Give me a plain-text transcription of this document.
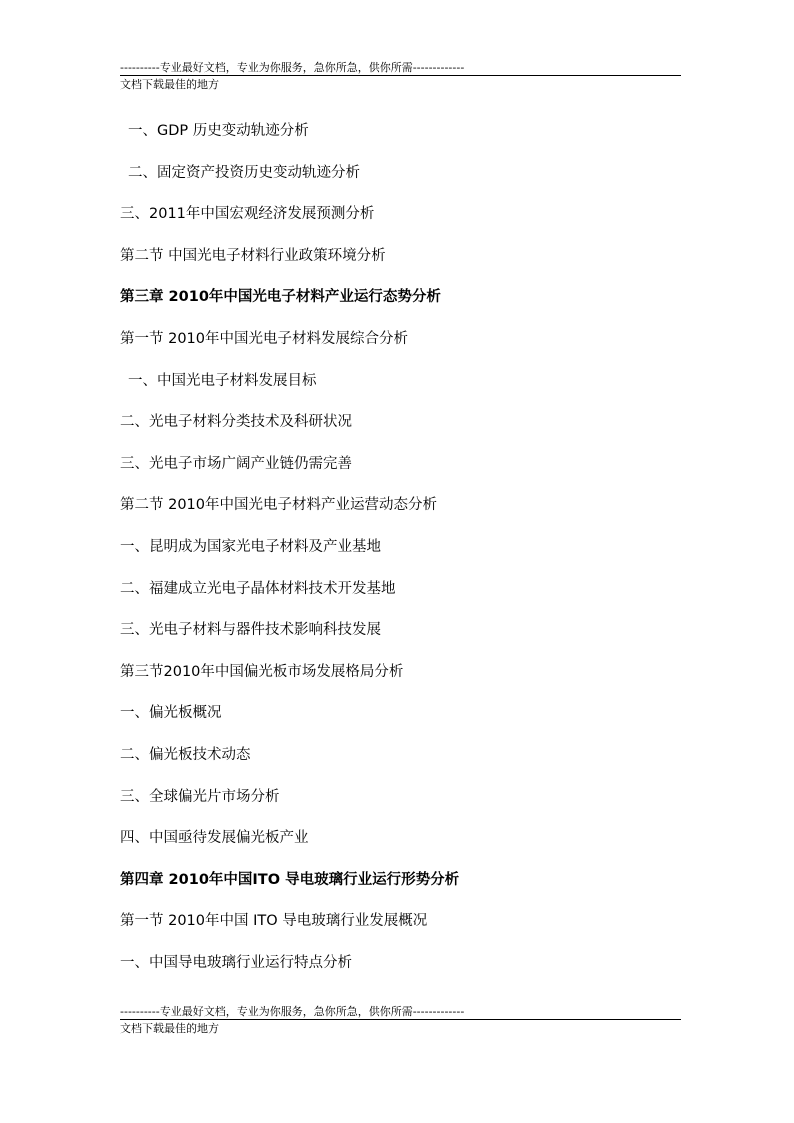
----------专业最好文档，专业为你服务，急你所急，供你所需-------------
文档下载最佳的地方
一、GDP 历史变动轨迹分析
二、固定资产投资历史变动轨迹分析
三、2011年中国宏观经济发展预测分析
第二节 中国光电子材料行业政策环境分析
第三章 2010年中国光电子材料产业运行态势分析
第一节 2010年中国光电子材料发展综合分析
一、中国光电子材料发展目标
二、光电子材料分类技术及科研状况
三、光电子市场广阔产业链仍需完善
第二节 2010年中国光电子材料产业运营动态分析
一、昆明成为国家光电子材料及产业基地
二、福建成立光电子晶体材料技术开发基地
三、光电子材料与器件技术影响科技发展
第三节2010年中国偏光板市场发展格局分析
一、偏光板概况
二、偏光板技术动态
三、全球偏光片市场分析
四、中国亟待发展偏光板产业
第四章 2010年中国ITO 导电玻璃行业运行形势分析
第一节 2010年中国 ITO 导电玻璃行业发展概况
一、中国导电玻璃行业运行特点分析
----------专业最好文档，专业为你服务，急你所急，供你所需-------------
文档下载最佳的地方
